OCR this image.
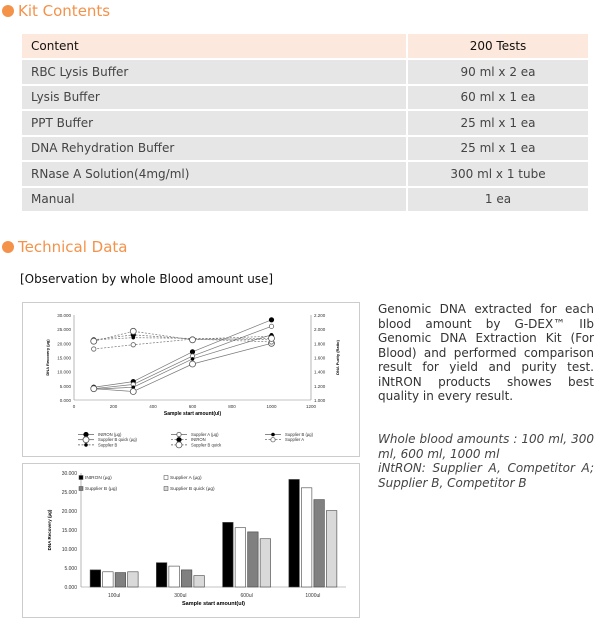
Kit Contents
Content	200 Tests
RBC Lysis Buffer	90 ml x 2 ea
Lysis Buffer	60 ml x 1 ea
PPT Buffer	25 ml x 1 ea
DNA Rehydration Buffer	25 ml x 1 ea
RNase A Solution(4mg/ml)	300 ml x 1 tube
Manual	1 ea
Technical Data
[Observation by whole Blood amount use]
0.000
5.000
10.000
15.000
20.000
25.000
30.000
1.000
1.200
1.400
1.600
1.800
2.000
2.200
0	200	400	600	800	1000	1200
Sample start amount(ul)
DNA Recovery (µg)	DNA Purity (Ratio)
INtRON (µg)	Supplier A (µg)	Supplier B (µg)
Supplier B quick (µg)	INtRON	Supplier A
Supplier B	Supplier B quick
0.000
5.000
10.000
15.000
20.000
25.000
30.000
100ul	300ul	600ul	1000ul
Sample start amount(ul)
DNA Recovery (µg)
INtRON (µg)	Supplier A (µg)
Supplier B (µg)	Supplier B quick (µg)
Genomic DNA extracted for each blood amount by G-DEX™ IIb Genomic DNA Extraction Kit (For Blood) and performed comparison result for yield and purity test. iNtRON products showes best quality in every result.
Whole blood amounts : 100 ml, 300 ml, 600 ml, 1000 ml
iNtRON: Supplier A, Competitor A; Supplier B, Competitor B
